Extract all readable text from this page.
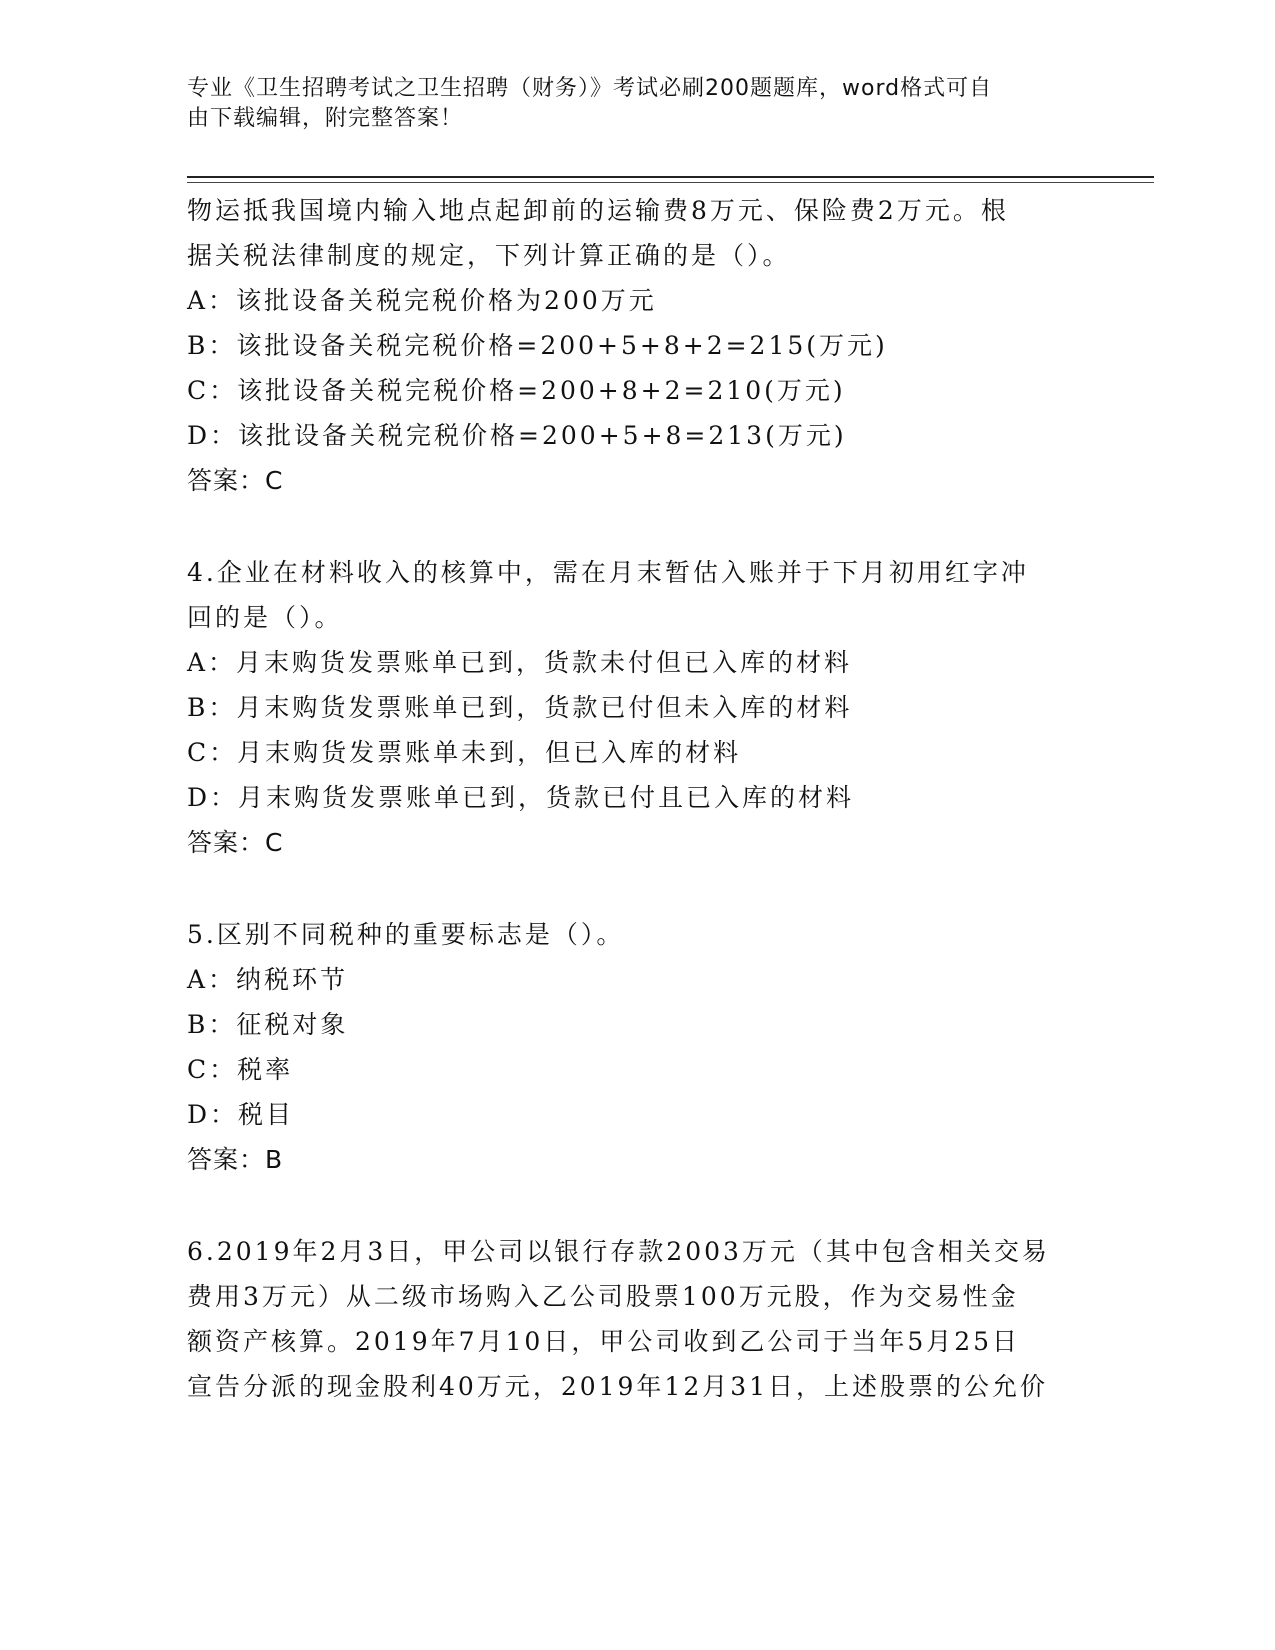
专业《卫生招聘考试之卫生招聘（财务）》考试必刷200题题库，word格式可自
由下载编辑，附完整答案！
物运抵我国境内输入地点起卸前的运输费8万元、保险费2万元。根
据关税法律制度的规定，下列计算正确的是（）。
A：该批设备关税完税价格为200万元
B：该批设备关税完税价格=200+5+8+2=215(万元)
C：该批设备关税完税价格=200+8+2=210(万元)
D：该批设备关税完税价格=200+5+8=213(万元)
答案：C
4.企业在材料收入的核算中，需在月末暂估入账并于下月初用红字冲
回的是（）。
A：月末购货发票账单已到，货款未付但已入库的材料
B：月末购货发票账单已到，货款已付但未入库的材料
C：月末购货发票账单未到，但已入库的材料
D：月末购货发票账单已到，货款已付且已入库的材料
答案：C
5.区别不同税种的重要标志是（）。
A：纳税环节
B：征税对象
C：税率
D：税目
答案：B
6.2019年2月3日，甲公司以银行存款2003万元（其中包含相关交易
费用3万元）从二级市场购入乙公司股票100万元股，作为交易性金
额资产核算。2019年7月10日，甲公司收到乙公司于当年5月25日
宣告分派的现金股利40万元，2019年12月31日，上述股票的公允价
